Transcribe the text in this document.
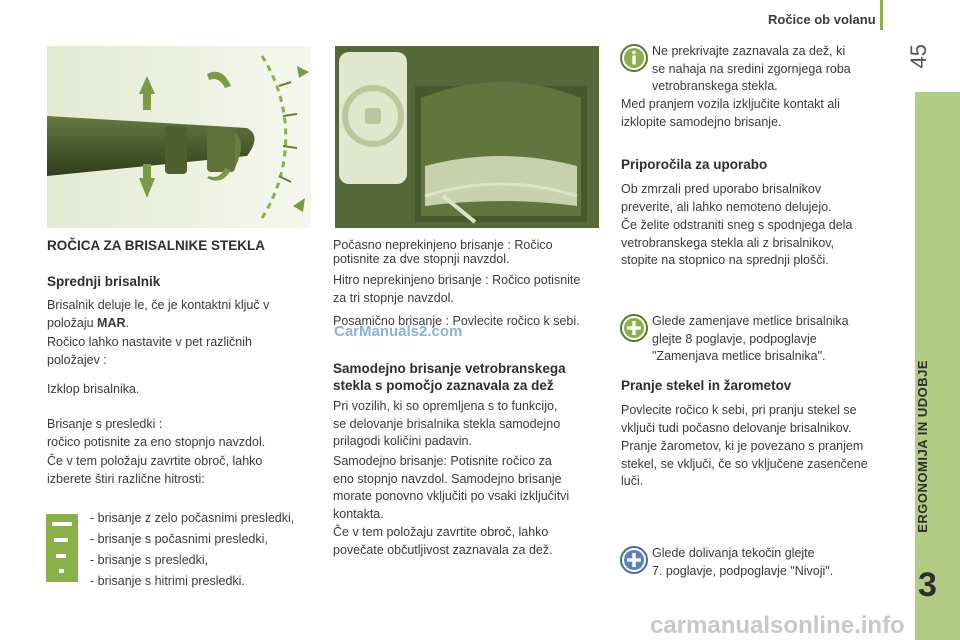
Ročice ob volanu
45
ERGONOMIJA IN UDOBJE
3
ROČICA ZA BRISALNIKE STEKLA
Sprednji brisalnik
Brisalnik deluje le, če je kontaktni ključ v
položaju MAR.
Ročico lahko nastavite v pet različnih
položajev :
Izklop brisalnika.
Brisanje s presledki :
ročico potisnite za eno stopnjo navzdol.
Če v tem položaju zavrtite obroč, lahko
izberete štiri različne hitrosti:
- brisanje z zelo počasnimi presledki,
- brisanje s počasnimi presledki,
- brisanje s presledki,
- brisanje s hitrimi presledki.
Počasno neprekinjeno brisanje : Ročico
potisnite za dve stopnji navzdol.
Hitro neprekinjeno brisanje : Ročico potisnite
za tri stopnje navzdol.
Posamično brisanje : Povlecite ročico k sebi.
CarManuals2.com
Samodejno brisanje vetrobranskega
stekla s pomočjo zaznavala za dež
Pri vozilih, ki so opremljena s to funkcijo,
se delovanje brisalnika stekla samodejno
prilagodi količini padavin.
Samodejno brisanje: Potisnite ročico za
eno stopnjo navzdol. Samodejno brisanje
morate ponovno vključiti po vsaki izključitvi
kontakta.
Če v tem položaju zavrtite obroč, lahko
povečate občutljivost zaznavala za dež.
Ne prekrivajte zaznavala za dež, ki
se nahaja na sredini zgornjega roba
vetrobranskega stekla.
Med pranjem vozila izključite kontakt ali
izklopite samodejno brisanje.
Priporočila za uporabo
Ob zmrzali pred uporabo brisalnikov
preverite, ali lahko nemoteno delujejo.
Če želite odstraniti sneg s spodnjega dela
vetrobranskega stekla ali z brisalnikov,
stopite na stopnico na sprednji plošči.
Glede zamenjave metlice brisalnika
glejte 8 poglavje, podpoglavje
"Zamenjava metlice brisalnika".
Pranje stekel in žarometov
Povlecite ročico k sebi, pri pranju stekel se
vključi tudi počasno delovanje brisalnikov.
Pranje žarometov, ki je povezano s pranjem
stekel, se vključi, če so vključene zasenčene
luči.
Glede dolivanja tekočin glejte
7. poglavje, podpoglavje "Nivoji".
carmanualsonline.info
